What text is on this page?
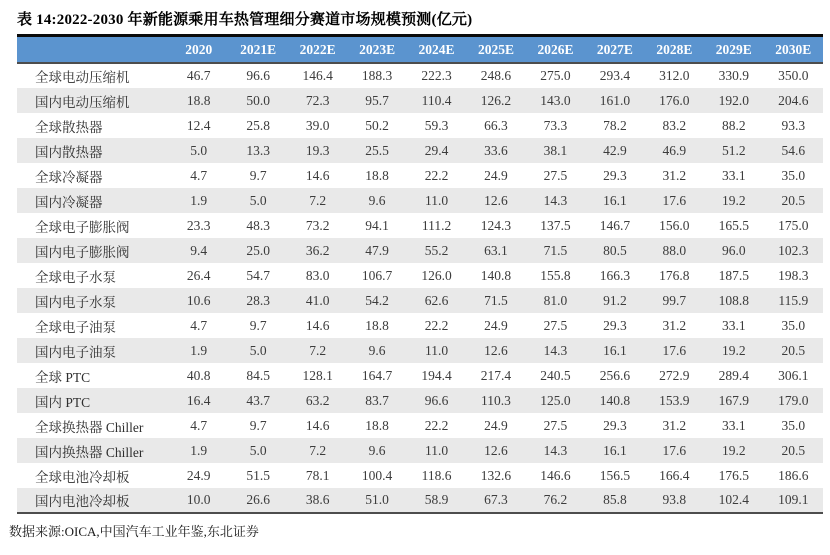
表 14:2022-2030 年新能源乘用车热管理细分赛道市场规模预测(亿元)
	2020	2021E	2022E	2023E	2024E	2025E	2026E	2027E	2028E	2029E	2030E
全球电动压缩机	46.7	96.6	146.4	188.3	222.3	248.6	275.0	293.4	312.0	330.9	350.0
国内电动压缩机	18.8	50.0	72.3	95.7	110.4	126.2	143.0	161.0	176.0	192.0	204.6
全球散热器	12.4	25.8	39.0	50.2	59.3	66.3	73.3	78.2	83.2	88.2	93.3
国内散热器	5.0	13.3	19.3	25.5	29.4	33.6	38.1	42.9	46.9	51.2	54.6
全球冷凝器	4.7	9.7	14.6	18.8	22.2	24.9	27.5	29.3	31.2	33.1	35.0
国内冷凝器	1.9	5.0	7.2	9.6	11.0	12.6	14.3	16.1	17.6	19.2	20.5
全球电子膨胀阀	23.3	48.3	73.2	94.1	111.2	124.3	137.5	146.7	156.0	165.5	175.0
国内电子膨胀阀	9.4	25.0	36.2	47.9	55.2	63.1	71.5	80.5	88.0	96.0	102.3
全球电子水泵	26.4	54.7	83.0	106.7	126.0	140.8	155.8	166.3	176.8	187.5	198.3
国内电子水泵	10.6	28.3	41.0	54.2	62.6	71.5	81.0	91.2	99.7	108.8	115.9
全球电子油泵	4.7	9.7	14.6	18.8	22.2	24.9	27.5	29.3	31.2	33.1	35.0
国内电子油泵	1.9	5.0	7.2	9.6	11.0	12.6	14.3	16.1	17.6	19.2	20.5
全球 PTC	40.8	84.5	128.1	164.7	194.4	217.4	240.5	256.6	272.9	289.4	306.1
国内 PTC	16.4	43.7	63.2	83.7	96.6	110.3	125.0	140.8	153.9	167.9	179.0
全球换热器 Chiller	4.7	9.7	14.6	18.8	22.2	24.9	27.5	29.3	31.2	33.1	35.0
国内换热器 Chiller	1.9	5.0	7.2	9.6	11.0	12.6	14.3	16.1	17.6	19.2	20.5
全球电池冷却板	24.9	51.5	78.1	100.4	118.6	132.6	146.6	156.5	166.4	176.5	186.6
国内电池冷却板	10.0	26.6	38.6	51.0	58.9	67.3	76.2	85.8	93.8	102.4	109.1
数据来源:OICA,中国汽车工业年鉴,东北证券
